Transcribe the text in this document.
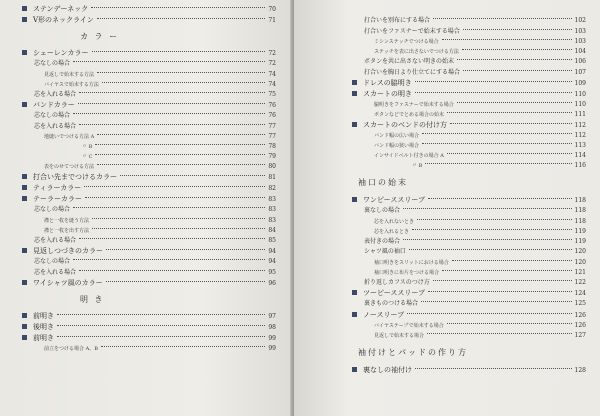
ステンデーネック	70
V形のネックライン	71
カ ラ ー
シェーレンカラー	72
芯なしの場合	72
見返しで始末する方法	74
バイヤスで始末する方法	74
芯を入れる場合	75
バンドカラー	76
芯なしの場合	76
芯を入れる場合	77
地縫いでつける方法 A	77
〃 B	78
〃 C	79
表をのせてつける方法	80
打合い先までつけるカラー	81
ティラーカラー	82
テーラーカラー	83
芯なしの場合	83
襟と一枚を縫う方法	83
襟と一枚を出す方法	84
芯を入れる場合	85
見返しつづきのカラー	94
芯なしの場合	94
芯を入れる場合	95
ワイシャツ風のカラー	96
明 き
前明き	97
後明き	98
前明き	99
前立をつける場合 A、B	99
打合いを別布にする場合	102
打合いをファスナーで始末する場合	103
ミシンステッチでつける場合	103
ステッチを表に出さないでつける方法	104
ボタンを共に出さない明きの始末	106
打合いを胸日より仕立てにする場合	107
ドレスの脇明き	109
スカートの明き	110
脇明きをファスナーで始末する場合	110
ボタンなどでとめる場合の始末	111
スカートのベンドの付け方	112
バンド幅の広い場合	112
バンド幅の狭い場合	113
インサイドベルト付きの場合 A	114
〃 B	116
袖口の始末
ワンピーススリーブ	118
裏なしの場合	118
芯を入れないとき	118
芯を入れるとき	119
表付きの場合	119
シャツ風の袖口	120
袖口明きをスリットにおける場合	120
袖口明きに布片をつける場合	121
折り返しカフスのつけ方	122
ツーピーススリーブ	124
裏きものつける場合	125
ノースリーブ	126
バイヤステープで始末する場合	126
見返しで始末する場合	127
袖付けとパッドの作り方
裏なしの袖付け	128
